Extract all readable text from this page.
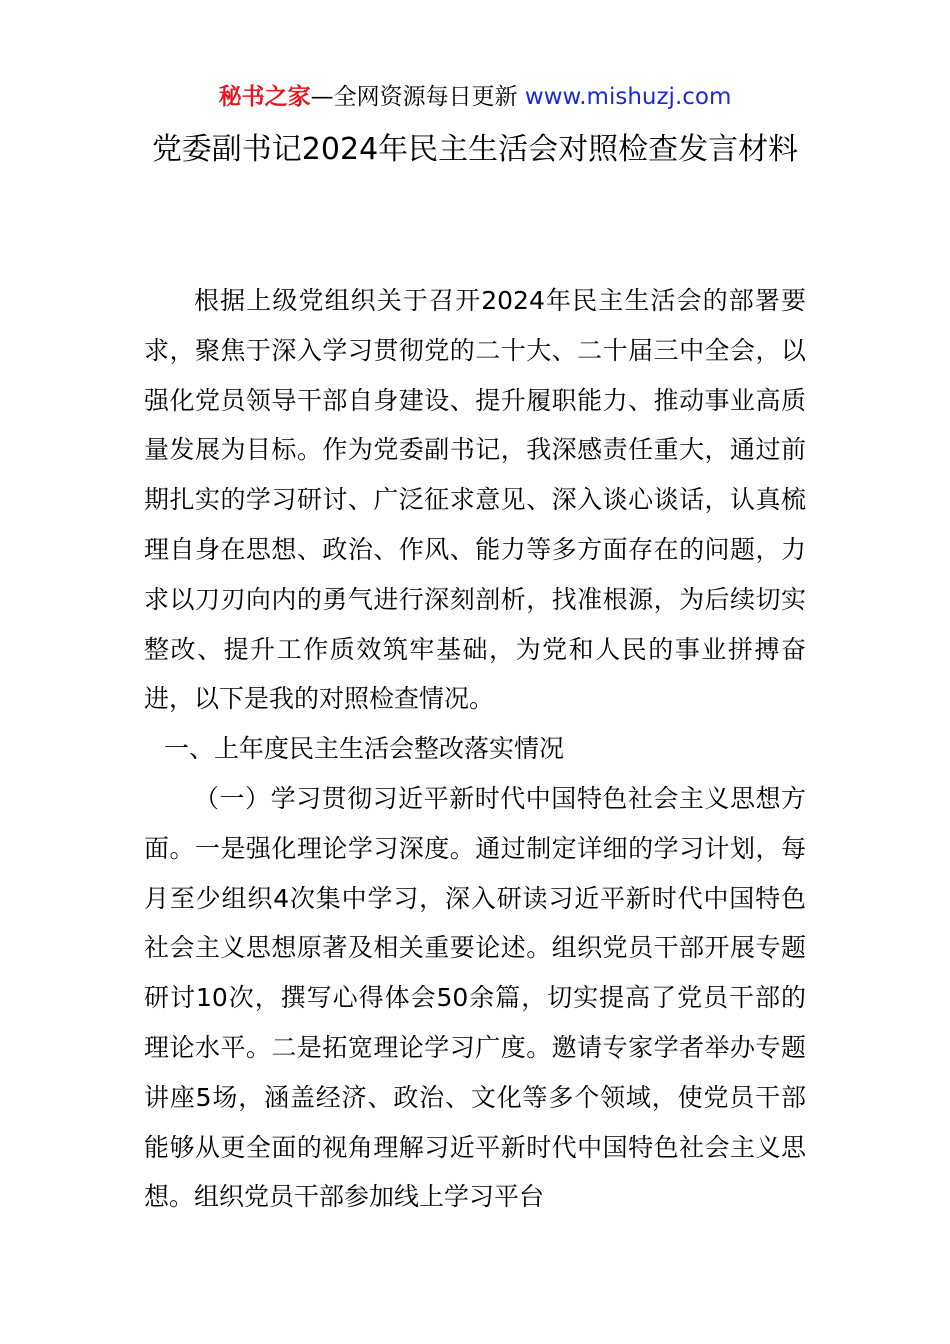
秘书之家—全网资源每日更新 www.mishuzj.com
党委副书记2024年民主生活会对照检查发言材料

根据上级党组织关于召开2024年民主生活会的部署要求，聚焦于深入学习贯彻党的二十大、二十届三中全会，以强化党员领导干部自身建设、提升履职能力、推动事业高质量发展为目标。作为党委副书记，我深感责任重大，通过前期扎实的学习研讨、广泛征求意见、深入谈心谈话，认真梳理自身在思想、政治、作风、能力等多方面存在的问题，力求以刀刃向内的勇气进行深刻剖析，找准根源，为后续切实整改、提升工作质效筑牢基础，为党和人民的事业拼搏奋进，以下是我的对照检查情况。

一、上年度民主生活会整改落实情况

（一）学习贯彻习近平新时代中国特色社会主义思想方面。一是强化理论学习深度。通过制定详细的学习计划，每月至少组织4次集中学习，深入研读习近平新时代中国特色社会主义思想原著及相关重要论述。组织党员干部开展专题研讨10次，撰写心得体会50余篇，切实提高了党员干部的理论水平。二是拓宽理论学习广度。邀请专家学者举办专题讲座5场，涵盖经济、政治、文化等多个领域，使党员干部能够从更全面的视角理解习近平新时代中国特色社会主义思想。组织党员干部参加线上学习平台
